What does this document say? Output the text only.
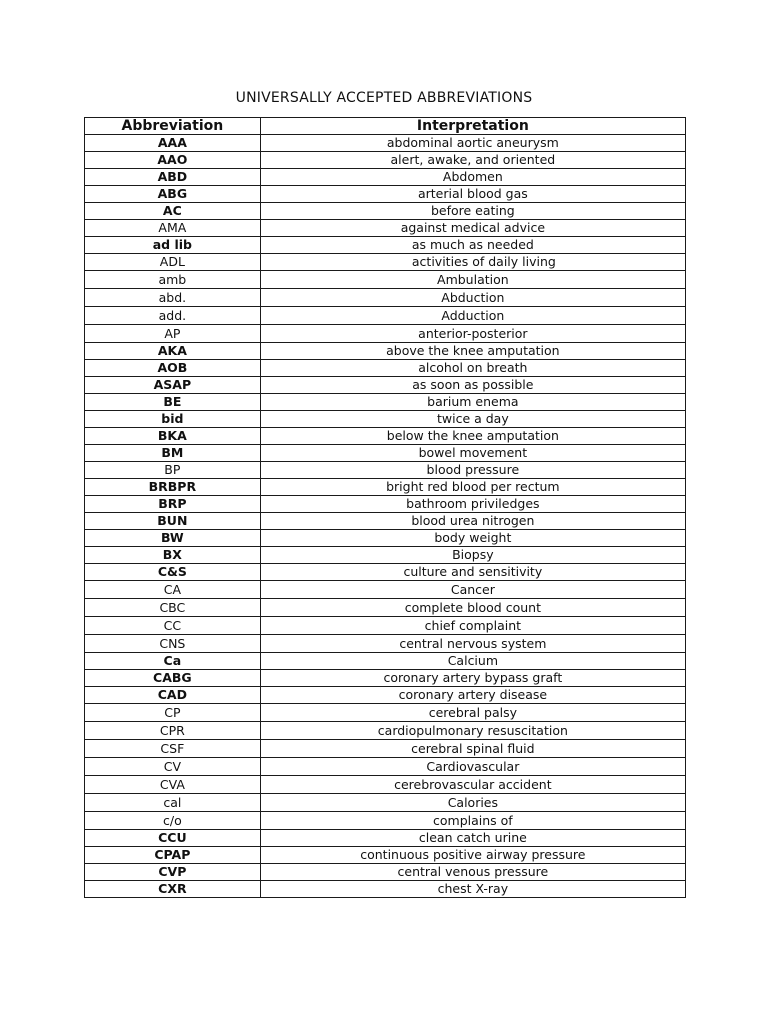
UNIVERSALLY ACCEPTED ABBREVIATIONS
Abbreviation	Interpretation
AAA	abdominal aortic aneurysm
AAO	alert, awake, and oriented
ABD	Abdomen
ABG	arterial blood gas
AC	before eating
AMA	against medical advice
ad lib	as much as needed
ADL	activities of daily living
amb	Ambulation
abd.	Abduction
add.	Adduction
AP	anterior-posterior
AKA	above the knee amputation
AOB	alcohol on breath
ASAP	as soon as possible
BE	barium enema
bid	twice a day
BKA	below the knee amputation
BM	bowel movement
BP	blood pressure
BRBPR	bright red blood per rectum
BRP	bathroom priviledges
BUN	blood urea nitrogen
BW	body weight
BX	Biopsy
C&S	culture and sensitivity
CA	Cancer
CBC	complete blood count
CC	chief complaint
CNS	central nervous system
Ca	Calcium
CABG	coronary artery bypass graft
CAD	coronary artery disease
CP	cerebral palsy
CPR	cardiopulmonary resuscitation
CSF	cerebral spinal fluid
CV	Cardiovascular
CVA	cerebrovascular accident
cal	Calories
c/o	complains of
CCU	clean catch urine
CPAP	continuous positive airway pressure
CVP	central venous pressure
CXR	chest X-ray
